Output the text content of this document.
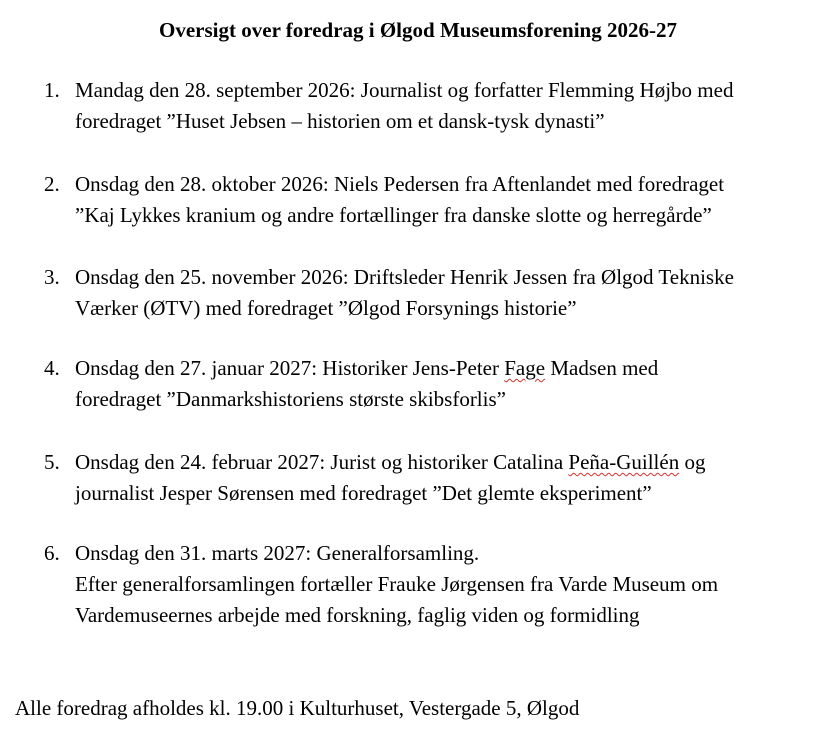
Oversigt over foredrag i Ølgod Museumsforening 2026-27
1. Mandag den 28. september 2026: Journalist og forfatter Flemming Højbo med
foredraget ”Huset Jebsen – historien om et dansk-tysk dynasti”
2. Onsdag den 28. oktober 2026: Niels Pedersen fra Aftenlandet med foredraget
”Kaj Lykkes kranium og andre fortællinger fra danske slotte og herregårde”
3. Onsdag den 25. november 2026: Driftsleder Henrik Jessen fra Ølgod Tekniske
Værker (ØTV) med foredraget ”Ølgod Forsynings historie”
4. Onsdag den 27. januar 2027: Historiker Jens-Peter Fage Madsen med
foredraget ”Danmarkshistoriens største skibsforlis”
5. Onsdag den 24. februar 2027: Jurist og historiker Catalina Peña-Guillén og
journalist Jesper Sørensen med foredraget ”Det glemte eksperiment”
6. Onsdag den 31. marts 2027: Generalforsamling.
Efter generalforsamlingen fortæller Frauke Jørgensen fra Varde Museum om
Vardemuseernes arbejde med forskning, faglig viden og formidling

Alle foredrag afholdes kl. 19.00 i Kulturhuset, Vestergade 5, Ølgod
